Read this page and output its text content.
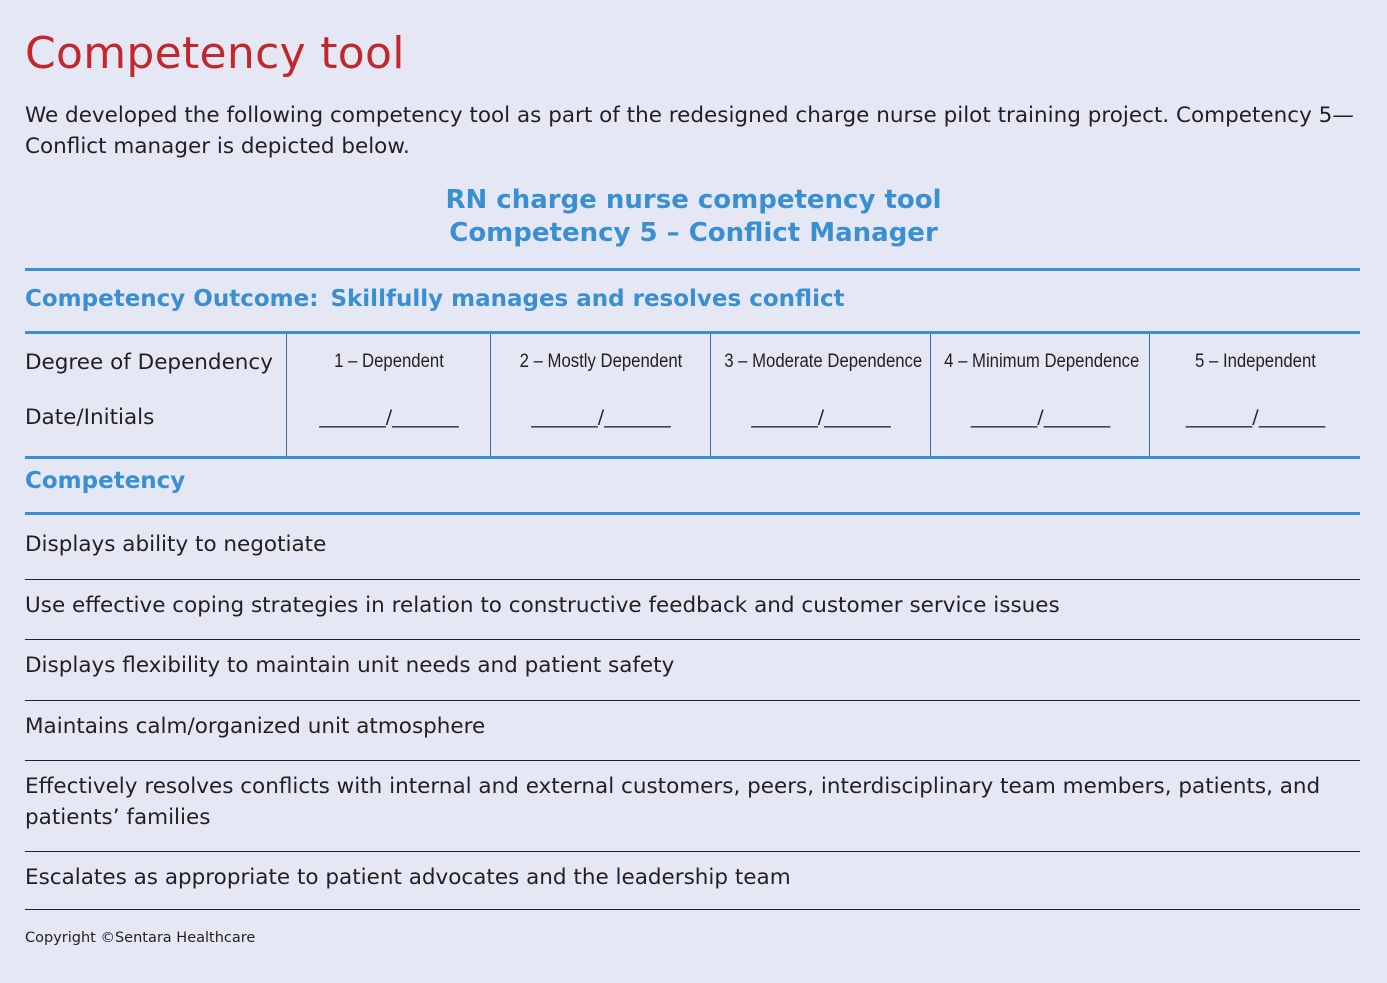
Competency tool

We developed the following competency tool as part of the redesigned charge nurse pilot training project. Competency 5—Conflict manager is depicted below.

RN charge nurse competency tool
Competency 5 – Conflict Manager
Competency Outcome: Skillfully manages and resolves conflict
Degree of Dependency
Date/Initials
1 – Dependent
_______/_______
2 – Mostly Dependent
_______/_______
3 – Moderate Dependence
_______/_______
4 – Minimum Dependence
_______/_______
5 – Independent
_______/_______
Competency
Displays ability to negotiate
Use effective coping strategies in relation to constructive feedback and customer service issues
Displays flexibility to maintain unit needs and patient safety
Maintains calm/organized unit atmosphere
Effectively resolves conflicts with internal and external customers, peers, interdisciplinary team members, patients, and patients’ families
Escalates as appropriate to patient advocates and the leadership team
Copyright ©Sentara Healthcare
